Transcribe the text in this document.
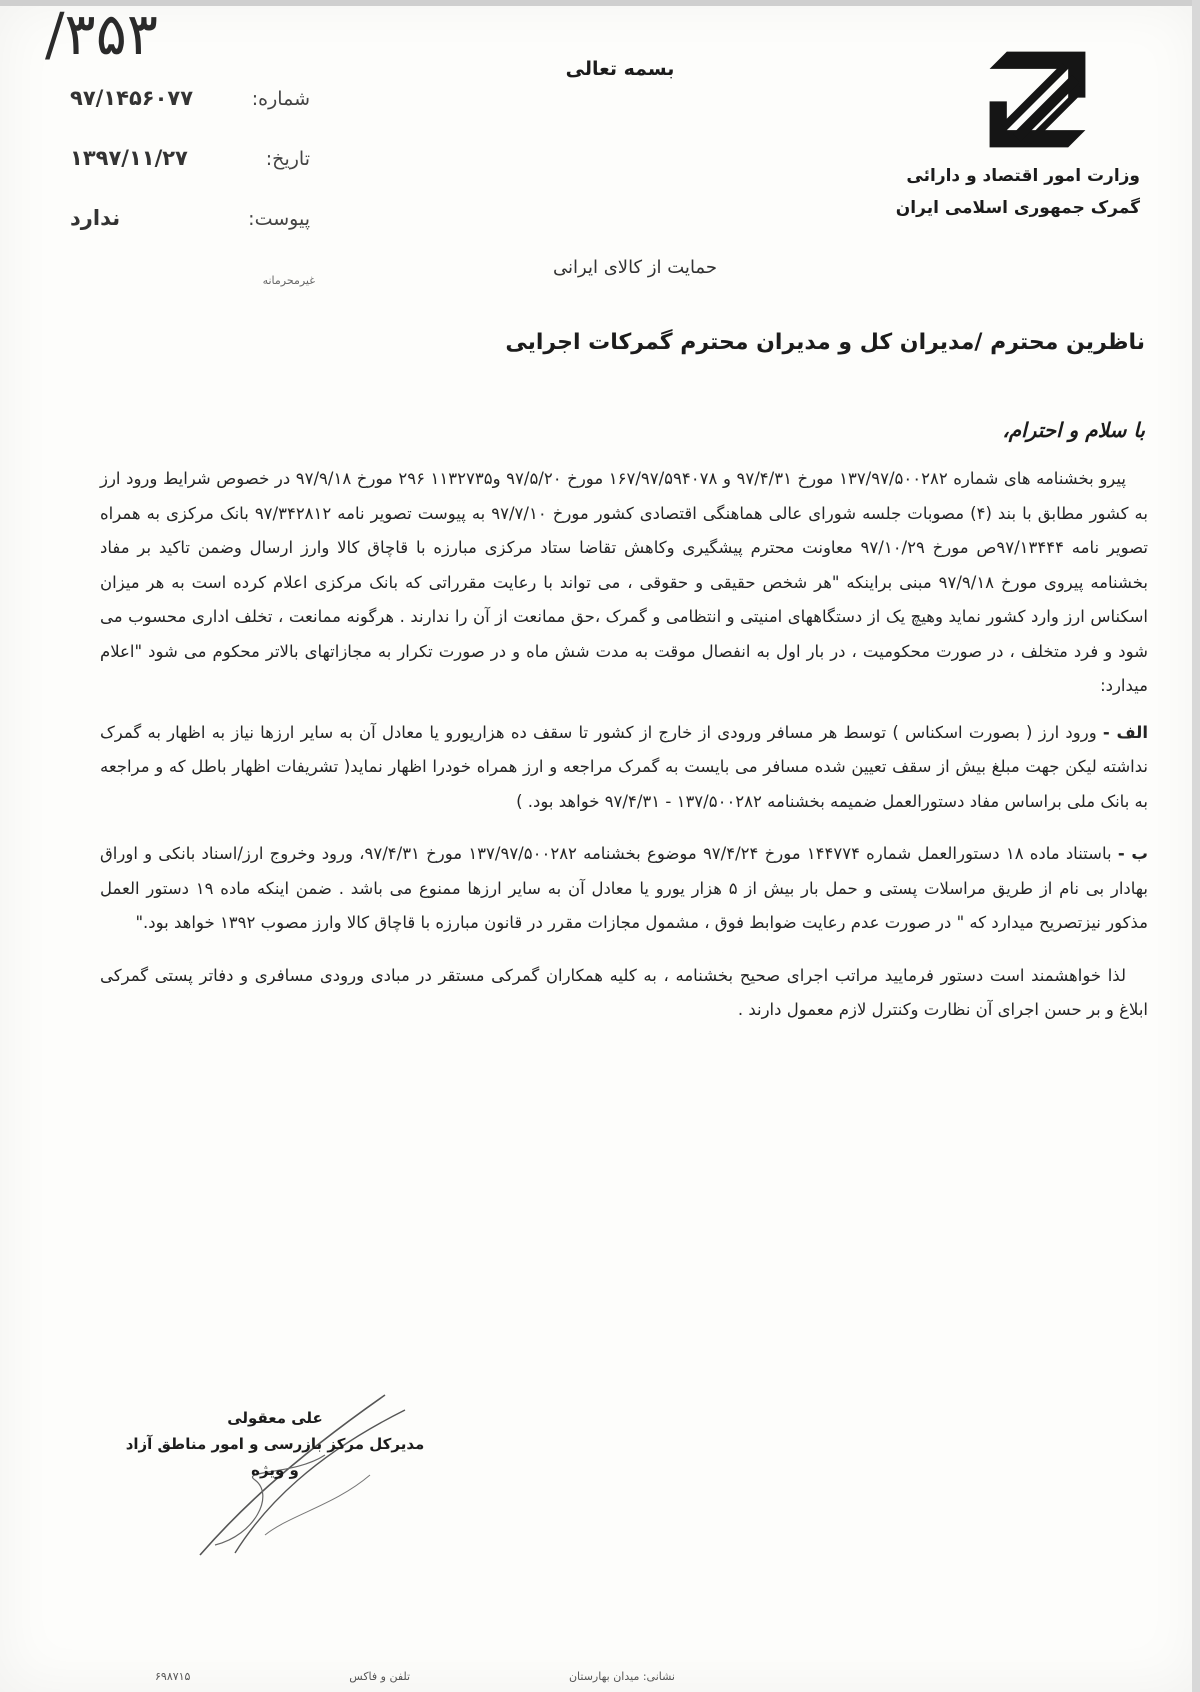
۳۵۳/
بسمه تعالی
وزارت امور اقتصاد و دارائی
گمرک جمهوری اسلامی ایران
شماره:
۹۷/۱۴۵۶۰۷۷
تاریخ:
۱۳۹۷/۱۱/۲۷
پیوست:
ندارد
غیرمحرمانه
حمایت از کالای ایرانی
ناظرین محترم /مدیران کل و مدیران محترم گمرکات اجرایی
با سلام و احترام،

پیرو بخشنامه های شماره ۱۳۷/۹۷/۵۰۰۲۸۲ مورخ ۹۷/۴/۳۱ و ۱۶۷/۹۷/۵۹۴۰۷۸ مورخ ۹۷/۵/۲۰ و۱۱۳۲۷۳۵ ۲۹۶ مورخ ۹۷/۹/۱۸ در خصوص شرایط ورود ارز به کشور مطابق با بند (۴) مصوبات جلسه شورای عالی هماهنگی اقتصادی کشور مورخ ۹۷/۷/۱۰ به پیوست تصویر نامه ۹۷/۳۴۲۸۱۲ بانک مرکزی به همراه تصویر نامه ۹۷/۱۳۴۴۴ص مورخ ۹۷/۱۰/۲۹ معاونت محترم پیشگیری وکاهش تقاضا ستاد مرکزی مبارزه با قاچاق کالا وارز ارسال وضمن تاکید بر مفاد بخشنامه پیروی مورخ ۹۷/۹/۱۸ مبنی براینکه "هر شخص حقیقی و حقوقی ، می تواند با رعایت مقرراتی که بانک مرکزی اعلام کرده است به هر میزان اسکناس ارز وارد کشور نماید وهیچ یک از دستگاههای امنیتی و انتظامی و گمرک ،حق ممانعت از آن را ندارند . هرگونه ممانعت ، تخلف اداری محسوب می شود و فرد متخلف ، در صورت محکومیت ، در بار اول به انفصال موقت به مدت شش ماه و در صورت تکرار به مجازاتهای بالاتر محکوم می شود "اعلام میدارد:

الف - ورود ارز ( بصورت اسکناس ) توسط هر مسافر ورودی از خارج از کشور تا سقف ده هزاریورو یا معادل آن به سایر ارزها نیاز به اظهار به گمرک نداشته لیکن جهت مبلغ بیش از سقف تعیین شده مسافر می بایست به گمرک مراجعه و ارز همراه خودرا اظهار نماید( تشریفات اظهار باطل که و مراجعه به بانک ملی براساس مفاد دستورالعمل ضمیمه بخشنامه ۱۳۷/۵۰۰۲۸۲ - ۹۷/۴/۳۱ خواهد بود. )

ب - باستناد ماده ۱۸ دستورالعمل شماره ۱۴۴۷۷۴ مورخ ۹۷/۴/۲۴ موضوع بخشنامه ۱۳۷/۹۷/۵۰۰۲۸۲ مورخ ۹۷/۴/۳۱، ورود وخروج ارز/اسناد بانکی و اوراق بهادار بی نام از طریق مراسلات پستی و حمل بار بیش از ۵ هزار یورو یا معادل آن به سایر ارزها ممنوع می باشد . ضمن اینکه ماده ۱۹ دستور العمل مذکور نیزتصریح میدارد که " در صورت عدم رعایت ضوابط فوق ، مشمول مجازات مقرر در قانون مبارزه با قاچاق کالا وارز مصوب ۱۳۹۲ خواهد بود."

لذا خواهشمند است دستور فرمایید مراتب اجرای صحیح بخشنامه ، به کلیه همکاران گمرکی مستقر در مبادی ورودی مسافری و دفاتر پستی گمرکی ابلاغ و بر حسن اجرای آن نظارت وکنترل لازم معمول دارند .

علی معقولی
مدیرکل مرکز بازرسی و امور مناطق آزاد و ویژه
نشانی: میدان بهارستان
تلفن و فاکس
۶۹۸۷۱۵
